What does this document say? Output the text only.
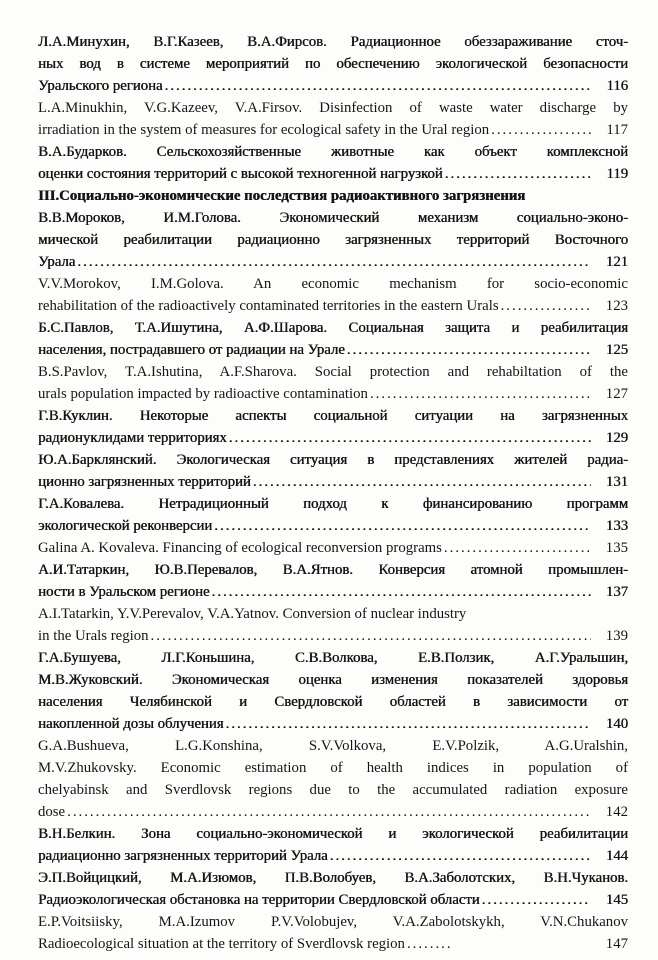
Л.А.Минухин, В.Г.Казеев, В.А.Фирсов. Радиационное обеззараживание сточ-
ных вод в системе мероприятий по обеспечению экологической безопасности
Уральского региона .....	116
L.A.Minukhin, V.G.Kazeev, V.A.Firsov. Disinfection of waste water discharge by
irradiation in the system of measures for ecological safety in the Ural region .....	117
В.А.Бударков. Сельскохозяйственные животные как объект комплексной
оценки состояния территорий с высокой техногенной нагрузкой .....	119
III.Социально-экономические последствия радиоактивного загрязнения
В.В.Мороков, И.М.Голова. Экономический механизм социально-эконо-
мической реабилитации радиационно загрязненных территорий Восточного
Урала .....	121
V.V.Morokov, I.M.Golova. An economic mechanism for socio-economic
rehabilitation of the radioactively contaminated territories in the eastern Urals .....	123
Б.С.Павлов, Т.А.Ишутина, А.Ф.Шарова. Социальная защита и реабилитация
населения, пострадавшего от радиации на Урале .....	125
B.S.Pavlov, T.A.Ishutina, A.F.Sharova. Social protection and rehabiltation of the
urals population impacted by radioactive contamination .....	127
Г.В.Куклин. Некоторые аспекты социальной ситуации на загрязненных
радионуклидами территориях .....	129
Ю.А.Барклянский. Экологическая ситуация в представлениях жителей радиа-
ционно загрязненных территорий .....	131
Г.А.Ковалева. Нетрадиционный подход к финансированию программ
экологической реконверсии .....	133
Galina A. Kovaleva. Financing of ecological reconversion programs .....	135
А.И.Татаркин, Ю.В.Перевалов, В.А.Ятнов. Конверсия атомной промышлен-
ности в Уральском регионе .....	137
A.I.Tatarkin, Y.V.Perevalov, V.A.Yatnov. Conversion of nuclear industry
in the Urals region .....	139
Г.А.Бушуева, Л.Г.Коньшина, С.В.Волкова, Е.В.Ползик, А.Г.Уральшин,
М.В.Жуковский. Экономическая оценка изменения показателей здоровья
населения Челябинской и Свердловской областей в зависимости от
накопленной дозы облучения .....	140
G.A.Bushueva, L.G.Konshina, S.V.Volkova, E.V.Polzik, A.G.Uralshin,
M.V.Zhukovsky. Economic estimation of health indices in population of
chelyabinsk and Sverdlovsk regions due to the accumulated radiation exposure
dose .....	142
В.Н.Белкин. Зона социально-экономической и экологической реабилитации
радиационно загрязненных территорий Урала .....	144
Э.П.Войцицкий, М.А.Изюмов, П.В.Волобуев, В.А.Заболотских, В.Н.Чуканов.
Радиоэкологическая обстановка на территории Свердловской области .....	145
E.P.Voitsiisky, M.A.Izumov P.V.Volobujev, V.A.Zabolotskykh, V.N.Chukanov
Radioecological situation at the territory of Sverdlovsk region .....	147
